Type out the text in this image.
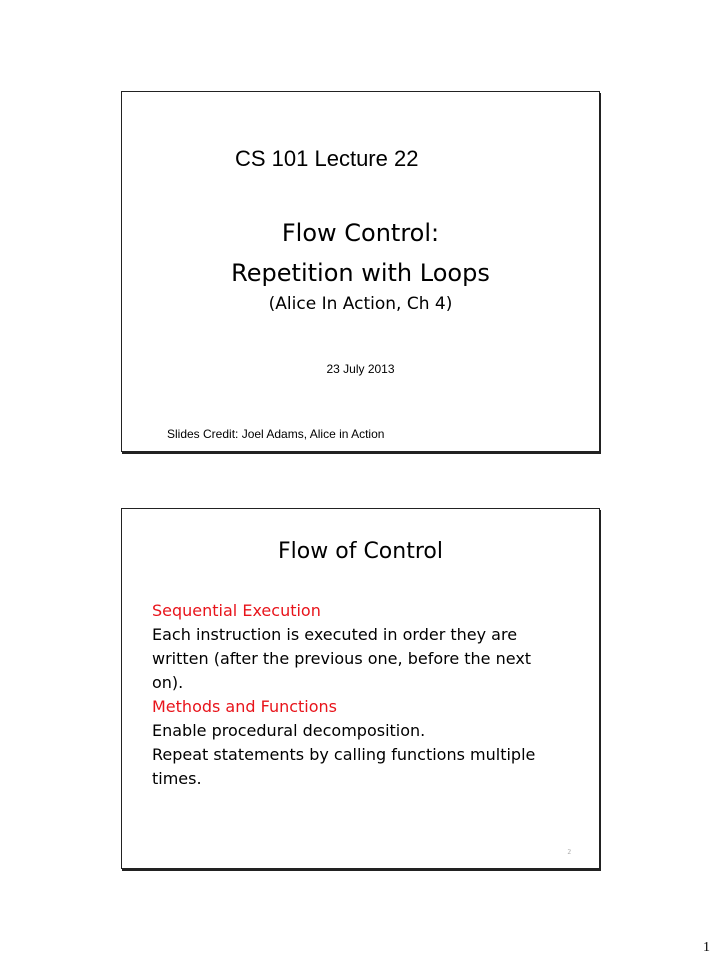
CS 101 Lecture 22
Flow Control:
Repetition with Loops
(Alice In Action, Ch 4)
23 July 2013
Slides Credit: Joel Adams, Alice in Action
Flow of Control
Sequential Execution
Each instruction is executed in order they are
written (after the previous one, before the next
on).
Methods and Functions
Enable procedural decomposition.
Repeat statements by calling functions multiple
times.
2
1
